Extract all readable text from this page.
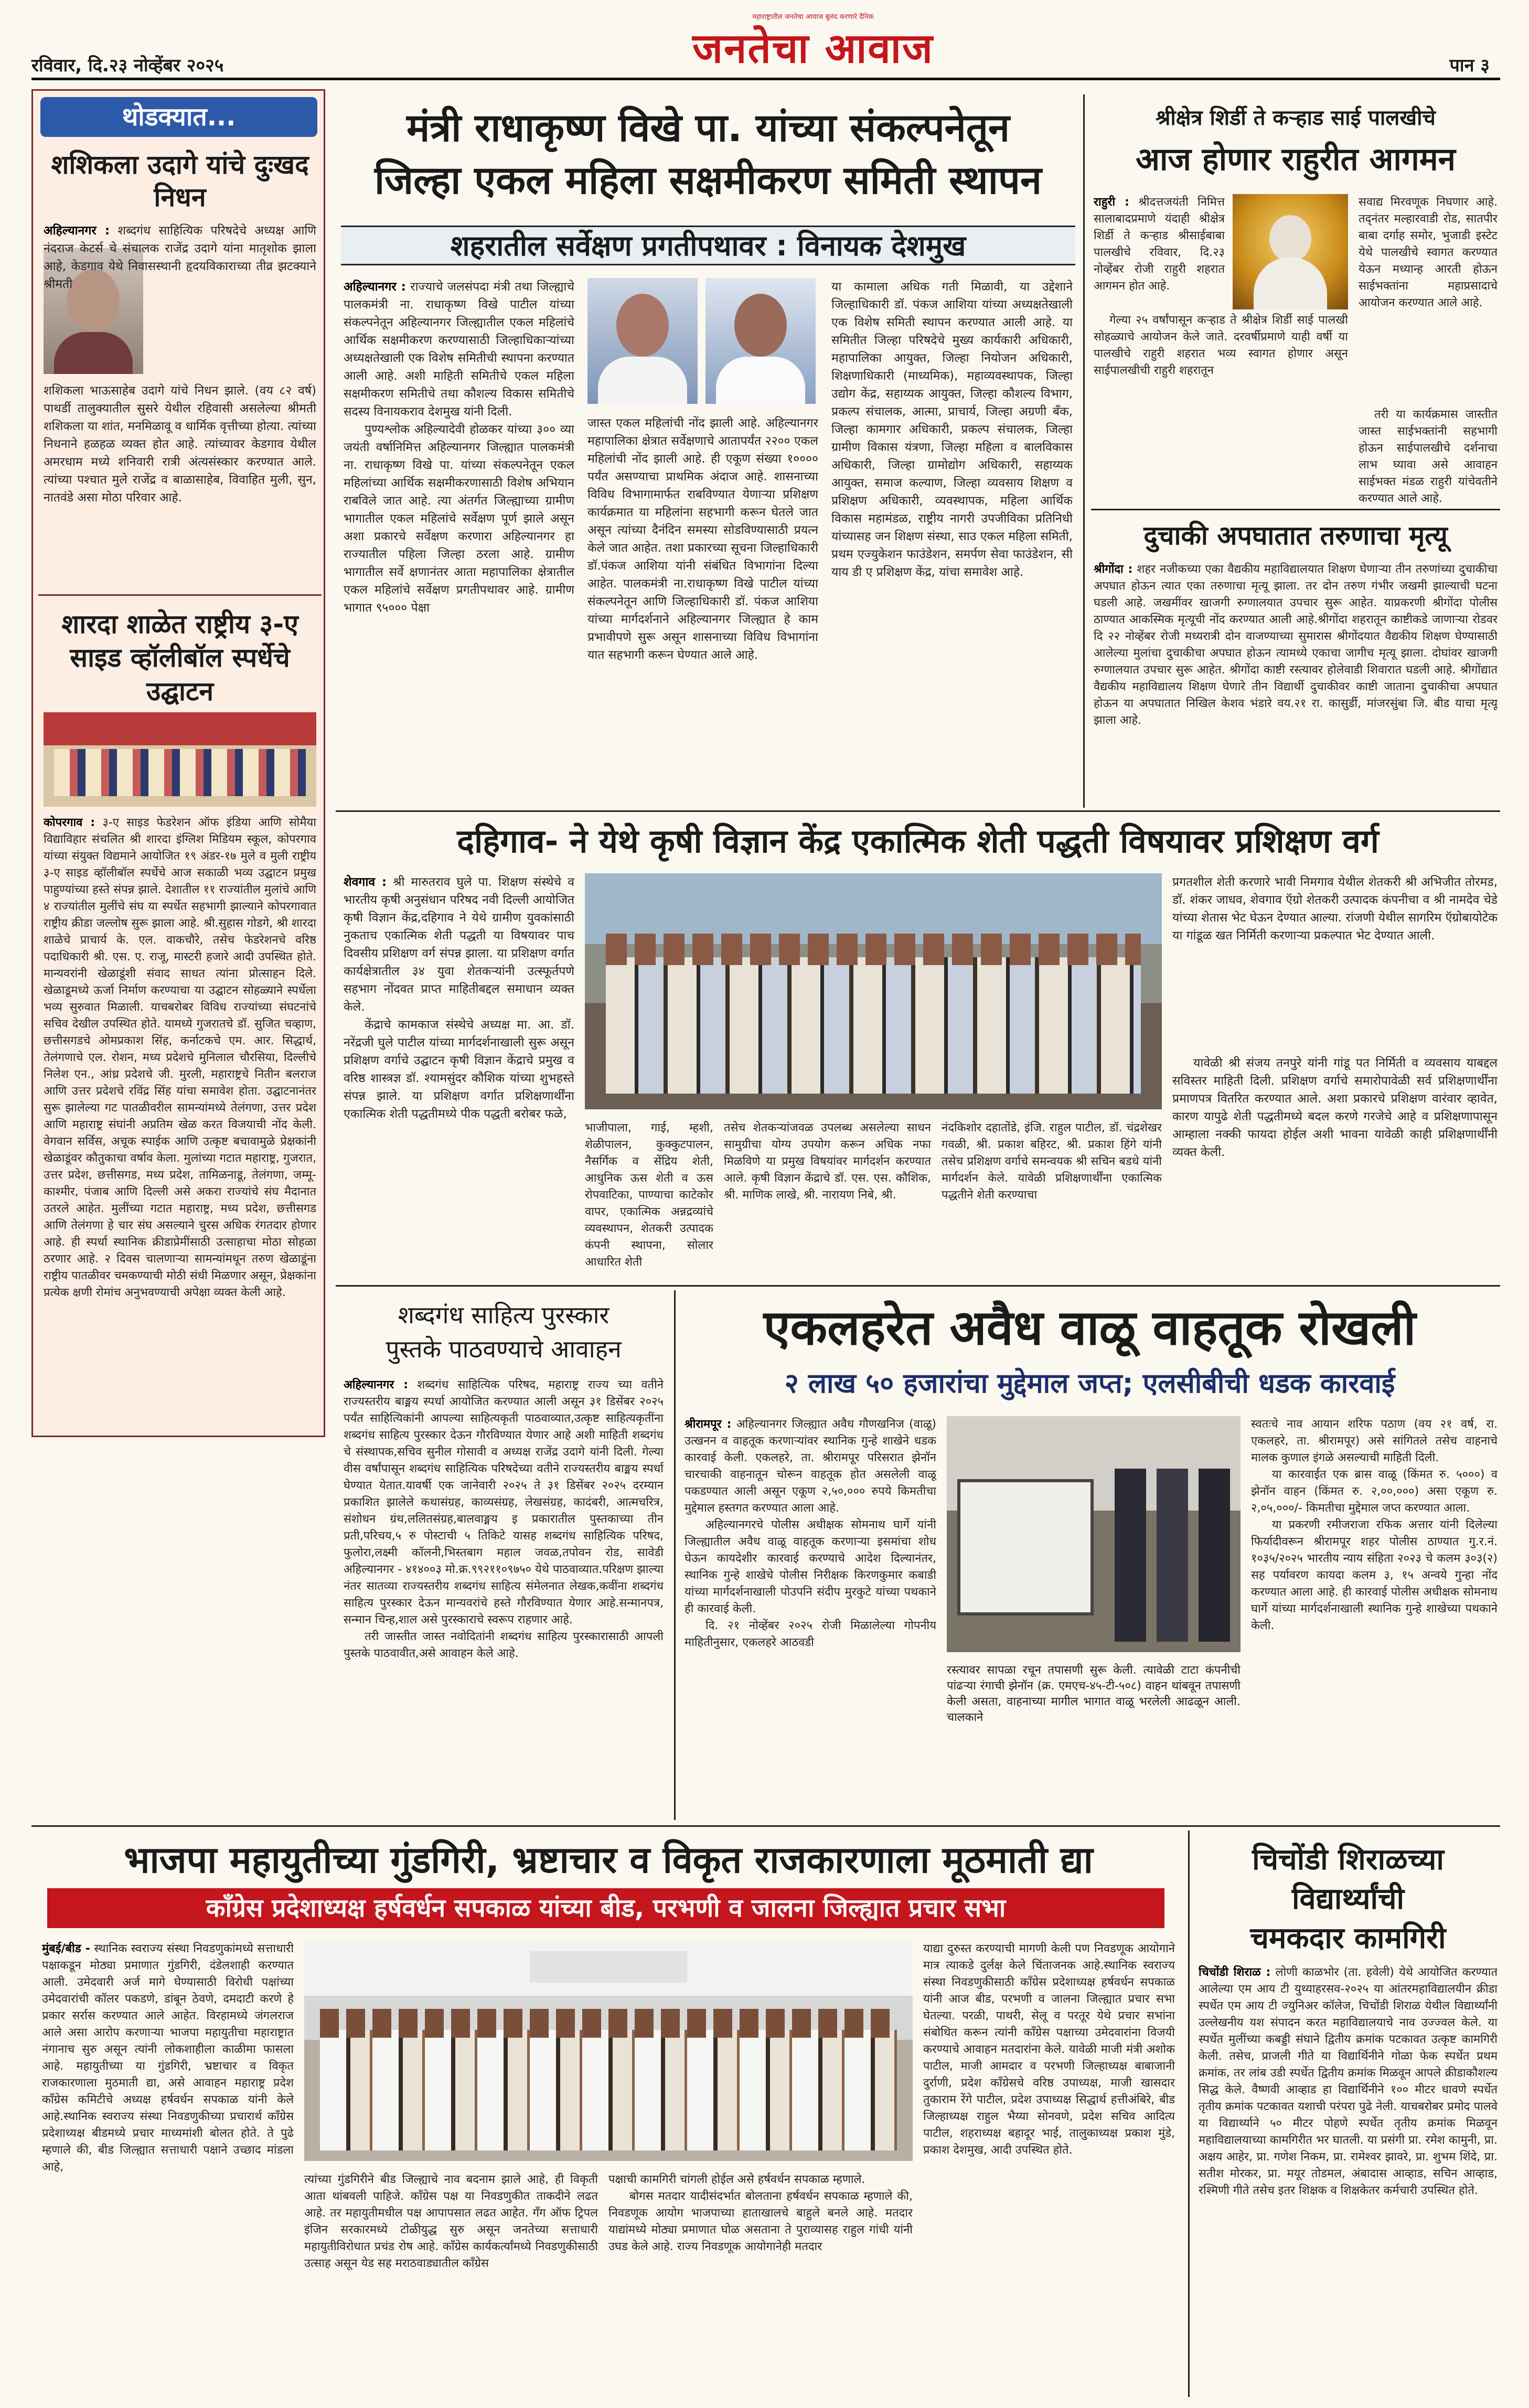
रविवार, दि.२३ नोव्हेंबर २०२५
महाराष्ट्रातील जनतेचा आवाज बुलंद करणारे दैनिक
जनतेचा आवाज	पान ३
थोडक्यात...
शशिकला उदागे यांचे दुःखद निधन
अहिल्यानगर : शब्दगंध साहित्यिक परिषदेचे अध्यक्ष आणि नंदराज केटर्स चे संचालक राजेंद्र उदागे यांना मातृशोक झाला आहे, केडगाव येथे निवासस्थानी हृदयविकाराच्या तीव्र झटक्याने श्रीमती
शशिकला भाऊसाहेब उदागे यांचे निधन झाले. (वय ८२ वर्ष) पाथर्डी तालुक्यातील सुसरे येथील रहिवासी असलेल्या श्रीमती शशिकला या शांत, मनमिळावू व धार्मिक वृत्तीच्या होत्या. त्यांच्या निधनाने हळहळ व्यक्त होत आहे. त्यांच्यावर केडगाव येथील अमरधाम मध्ये शनिवारी रात्री अंत्यसंस्कार करण्यात आले. त्यांच्या पश्चात मुले राजेंद्र व बाळासाहेब, विवाहित मुली, सुन, नातवंडे असा मोठा परिवार आहे.
शारदा शाळेत राष्ट्रीय ३-ए साइड व्हॉलीबॉल स्पर्धेचे उद्घाटन
कोपरगाव : ३-ए साइड फेडरेशन ऑफ इंडिया आणि सोमैया विद्याविहार संचलित श्री शारदा इंग्लिश मिडियम स्कूल, कोपरगाव यांच्या संयुक्त विद्यमाने आयोजित १९ अंडर-१७ मुले व मुली राष्ट्रीय ३-ए साइड व्हॉलीबॉल स्पर्धेचे आज सकाळी भव्य उद्घाटन प्रमुख पाहुण्यांच्या हस्ते संपन्न झाले. देशातील ११ राज्यांतील मुलांचे आणि ४ राज्यांतील मुलींचे संघ या स्पर्धेत सहभागी झाल्याने कोपरगावात राष्ट्रीय क्रीडा जल्लोष सुरू झाला आहे. श्री.सुहास गोडगे, श्री शारदा शाळेचे प्राचार्य के. एल. वाकचौरे, तसेच फेडरेशनचे वरिष्ठ पदाधिकारी श्री. एस. ए. राजू, मास्टरी हजारे आदी उपस्थित होते. मान्यवरांनी खेळाडूंशी संवाद साधत त्यांना प्रोत्साहन दिले. खेळाडूमध्ये ऊर्जा निर्माण करण्याचा या उद्घाटन सोहळ्याने स्पर्धेला भव्य सुरुवात मिळाली. याचबरोबर विविध राज्यांच्या संघटनांचे सचिव देखील उपस्थित होते. यामध्ये गुजरातचे डॉ. सुजित चव्हाण, छत्तीसगडचे ओमप्रकाश सिंह, कर्नाटकचे एम. आर. सिद्धार्थ, तेलंगणाचे एल. रोशन, मध्य प्रदेशचे मुनिलाल चौरसिया, दिल्लीचे निलेश एन., आंध्र प्रदेशचे जी. मुरली, महाराष्ट्रचे नितीन बलराज आणि उत्तर प्रदेशचे रविंद्र सिंह यांचा समावेश होता. उद्घाटनानंतर सुरू झालेल्या गट पातळीवरील सामन्यांमध्ये तेलंगणा, उत्तर प्रदेश आणि महाराष्ट्र संघांनी अप्रतिम खेळ करत विजयाची नोंद केली. वेगवान सर्विस, अचूक स्पाईक आणि उत्कृष्ट बचावामुळे प्रेक्षकांनी खेळाडूंवर कौतुकाचा वर्षाव केला. मुलांच्या गटात महाराष्ट्र, गुजरात, उत्तर प्रदेश, छत्तीसगड, मध्य प्रदेश, तामिळनाडू, तेलंगणा, जम्मू-काश्मीर, पंजाब आणि दिल्ली असे अकरा राज्यांचे संघ मैदानात उतरले आहेत. मुलींच्या गटात महाराष्ट्र, मध्य प्रदेश, छत्तीसगड आणि तेलंगणा हे चार संघ असल्याने चुरस अधिक रंगतदार होणार आहे. ही स्पर्धा स्थानिक क्रीडाप्रेमींसाठी उत्साहाचा मोठा सोहळा ठरणार आहे. २ दिवस चालणाऱ्या सामन्यांमधून तरुण खेळाडूंना राष्ट्रीय पातळीवर चमकण्याची मोठी संधी मिळणार असून, प्रेक्षकांना प्रत्येक क्षणी रोमांच अनुभवण्याची अपेक्षा व्यक्त केली आहे.
मंत्री राधाकृष्ण विखे पा. यांच्या संकल्पनेतून
जिल्हा एकल महिला सक्षमीकरण समिती स्थापन
शहरातील सर्वेक्षण प्रगतीपथावर : विनायक देशमुख
अहिल्यानगर : राज्याचे जलसंपदा मंत्री तथा जिल्ह्याचे पालकमंत्री ना. राधाकृष्ण विखे पाटील यांच्या संकल्पनेतून अहिल्यानगर जिल्ह्यातील एकल महिलांचे आर्थिक सक्षमीकरण करण्यासाठी जिल्हाधिकाऱ्यांच्या अध्यक्षतेखाली एक विशेष समितीची स्थापना करण्यात आली आहे. अशी माहिती समितीचे एकल महिला सक्षमीकरण समितीचे तथा कौशल्य विकास समितीचे सदस्य विनायकराव देशमुख यांनी दिली.

पुण्यश्लोक अहिल्यादेवी होळकर यांच्या ३०० व्या जयंती वर्षानिमित्त अहिल्यानगर जिल्ह्यात पालकमंत्री ना. राधाकृष्ण विखे पा. यांच्या संकल्पनेतून एकल महिलांच्या आर्थिक सक्षमीकरणासाठी विशेष अभियान राबविले जात आहे. त्या अंतर्गत जिल्ह्याच्या ग्रामीण भागातील एकल महिलांचे सर्वेक्षण पूर्ण झाले असून अशा प्रकारचे सर्वेक्षण करणारा अहिल्यानगर हा राज्यातील पहिला जिल्हा ठरला आहे. ग्रामीण भागातील सर्वे क्षणानंतर आता महापालिका क्षेत्रातील एकल महिलांचे सर्वेक्षण प्रगतीपथावर आहे. ग्रामीण भागात ९५००० पेक्षा
जास्त एकल महिलांची नोंद झाली आहे. अहिल्यानगर महापालिका क्षेत्रात सर्वेक्षणाचे आतापर्यंत २२०० एकल महिलांची नोंद झाली आहे. ही एकूण संख्या १०००० पर्यंत असण्याचा प्राथमिक अंदाज आहे. शासनाच्या विविध विभागामार्फत राबविण्यात येणाऱ्या प्रशिक्षण कार्यक्रमात या महिलांना सहभागी करून घेतले जात असून त्यांच्या दैनंदिन समस्या सोडविण्यासाठी प्रयत्न केले जात आहेत. तशा प्रकारच्या सूचना जिल्हाधिकारी डॉ.पंकज आशिया यांनी संबंधित विभागांना दिल्या आहेत. पालकमंत्री ना.राधाकृष्ण विखे पाटील यांच्या संकल्पनेतून आणि जिल्हाधिकारी डॉ. पंकज आशिया यांच्या मार्गदर्शनाने अहिल्यानगर जिल्ह्यात हे काम प्रभावीपणे सुरू असून शासनाच्या विविध विभागांना यात सहभागी करून घेण्यात आले आहे.
या कामाला अधिक गती मिळावी, या उद्देशाने जिल्हाधिकारी डॉ. पंकज आशिया यांच्या अध्यक्षतेखाली एक विशेष समिती स्थापन करण्यात आली आहे. या समितीत जिल्हा परिषदेचे मुख्य कार्यकारी अधिकारी, महापालिका आयुक्त, जिल्हा नियोजन अधिकारी, शिक्षणाधिकारी (माध्यमिक), महाव्यवस्थापक, जिल्हा उद्योग केंद्र, सहाय्यक आयुक्त, जिल्हा कौशल्य विभाग, प्रकल्प संचालक, आत्मा, प्राचार्य, जिल्हा अग्रणी बँक, जिल्हा कामगार अधिकारी, प्रकल्प संचालक, जिल्हा ग्रामीण विकास यंत्रणा, जिल्हा महिला व बालविकास अधिकारी, जिल्हा ग्रामोद्योग अधिकारी, सहाय्यक आयुक्त, समाज कल्याण, जिल्हा व्यवसाय शिक्षण व प्रशिक्षण अधिकारी, व्यवस्थापक, महिला आर्थिक विकास महामंडळ, राष्ट्रीय नागरी उपजीविका प्रतिनिधी यांच्यासह जन शिक्षण संस्था, साउ एकल महिला समिती, प्रथम एज्युकेशन फाउंडेशन, समर्पण सेवा फाउंडेशन, सी याय डी ए प्रशिक्षण केंद्र, यांचा समावेश आहे.
श्रीक्षेत्र शिर्डी ते कऱ्हाड साई पालखीचे
आज होणार राहुरीत आगमन
राहुरी : श्रीदत्तजयंती निमित्त सालाबादप्रमाणे यंदाही श्रीक्षेत्र शिर्डी ते कऱ्हाड श्रीसाईबाबा पालखीचे रविवार, दि.२३ नोव्हेंबर रोजी राहुरी शहरात आगमन होत आहे.
गेल्या २५ वर्षांपासून कऱ्हाड ते श्रीक्षेत्र शिर्डी साई पालखी सोहळ्याचे आयोजन केले जाते. दरवर्षीप्रमाणे याही वर्षी या पालखीचे राहुरी शहरात भव्य स्वागत होणार असून साईपालखीची राहुरी शहरातून
सवाद्य मिरवणूक निघणार आहे. तद्नंतर मल्हारवाडी रोड, सातपीर बाबा दर्गाह समोर, भुजाडी इस्टेट येथे पालखीचे स्वागत करण्यात येऊन मध्यान्ह आरती होऊन साईभक्तांना महाप्रसादाचे आयोजन करण्यात आले आहे.
तरी या कार्यक्रमास जास्तीत जास्त साईभक्तांनी सहभागी होऊन साईपालखीचे दर्शनाचा लाभ घ्यावा असे आवाहन साईभक्त मंडळ राहुरी यांचेवतीने करण्यात आले आहे.
दुचाकी अपघातात तरुणाचा मृत्यू
श्रीगोंदा : शहर नजीकच्या एका वैद्यकीय महाविद्यालयात शिक्षण घेणाऱ्या तीन तरुणांच्या दुचाकीचा अपघात होऊन त्यात एका तरुणाचा मृत्यू झाला. तर दोन तरुण गंभीर जखमी झाल्याची घटना घडली आहे. जखमींवर खाजगी रुग्णालयात उपचार सुरू आहेत. याप्रकरणी श्रीगोंदा पोलीस ठाण्यात आकस्मिक मृत्यूची नोंद करण्यात आली आहे.श्रीगोंदा शहरातून काष्टीकडे जाणाऱ्या रोडवर दि २२ नोव्हेंबर रोजी मध्यरात्री दोन वाजण्याच्या सुमारास श्रीगोंदयात वैद्यकीय शिक्षण घेण्यासाठी आलेल्या मुलांचा दुचाकीचा अपघात होऊन त्यामध्ये एकाचा जागीच मृत्यू झाला. दोघांवर खाजगी रुग्णालयात उपचार सुरू आहेत. श्रीगोंदा काष्टी रस्त्यावर होलेवाडी शिवारात घडली आहे. श्रीगोंद्यात वैद्यकीय महाविद्यालय शिक्षण घेणारे तीन विद्यार्थी दुचाकीवर काष्टी जाताना दुचाकीचा अपघात होऊन या अपघातात निखिल केशव भंडारे वय.२१ रा. कासुर्डी, मांजरसुंबा जि. बीड याचा मृत्यू झाला आहे.
दहिगाव- ने येथे कृषी विज्ञान केंद्र एकात्मिक शेती पद्धती विषयावर प्रशिक्षण वर्ग
शेवगाव : श्री मारुतराव घुले पा. शिक्षण संस्थेचे व भारतीय कृषी अनुसंधान परिषद नवी दिल्ली आयोजित कृषी विज्ञान केंद्र,दहिगाव ने येथे ग्रामीण युवकांसाठी नुकताच एकात्मिक शेती पद्धती या विषयावर पाच दिवसीय प्रशिक्षण वर्ग संपन्न झाला. या प्रशिक्षण वर्गात कार्यक्षेत्रातील ३४ युवा शेतकऱ्यांनी उत्स्फूर्तपणे सहभाग नोंदवत प्राप्त माहितीबद्दल समाधान व्यक्त केले.
केंद्राचे कामकाज संस्थेचे अध्यक्ष मा. आ. डॉ. नरेंद्रजी घुले पाटील यांच्या मार्गदर्शनाखाली सुरू असून प्रशिक्षण वर्गाचे उद्घाटन कृषी विज्ञान केंद्राचे प्रमुख व वरिष्ठ शास्त्रज्ञ डॉ. श्यामसुंदर कौशिक यांच्या शुभहस्ते संपन्न झाले. या प्रशिक्षण वर्गात प्रशिक्षणार्थींना एकात्मिक शेती पद्धतीमध्ये पीक पद्धती बरोबर फळे,
भाजीपाला, गाई, म्हशी, शेळीपालन, कुक्कुटपालन, नैसर्गिक व सेंद्रिय शेती, आधुनिक ऊस शेती व ऊस रोपवाटिका, पाण्याचा काटेकोर वापर, एकात्मिक अन्नद्रव्यांचे व्यवस्थापन, शेतकरी उत्पादक कंपनी स्थापना, सोलार आधारित शेती
तसेच शेतकऱ्यांजवळ उपलब्ध असलेल्या साधन सामुग्रीचा योग्य उपयोग करून अधिक नफा मिळविणे या प्रमुख विषयांवर मार्गदर्शन करण्यात आले. कृषी विज्ञान केंद्राचे डॉ. एस. एस. कौशिक, श्री. माणिक लाखे, श्री. नारायण निबे, श्री.
नंदकिशोर दहातोंडे, इंजि. राहुल पाटील, डॉ. चंद्रशेखर गवळी, श्री. प्रकाश बहिरट, श्री. प्रकाश हिंगे यांनी तसेच प्रशिक्षण वर्गाचे समन्वयक श्री सचिन बडधे यांनी मार्गदर्शन केले. यावेळी प्रशिक्षणार्थींना एकात्मिक पद्धतीने शेती करण्याचा
प्रगतशील शेती करणारे भावी निमगाव येथील शेतकरी श्री अभिजीत तोरमड, डॉ. शंकर जाधव, शेवगाव ऍग्रो शेतकरी उत्पादक कंपनीचा व श्री नामदेव चेडे यांच्या शेतास भेट घेऊन देण्यात आल्या. रांजणी येथील सागरिम ऍग्रोबायोटेक या गांडूळ खत निर्मिती करणाऱ्या प्रकल्पात भेट देण्यात आली.
यावेळी श्री संजय तनपुरे यांनी गांडू पत निर्मिती व व्यवसाय याबद्दल सविस्तर माहिती दिली. प्रशिक्षण वर्गाचे समारोपावेळी सर्व प्रशिक्षणार्थींना प्रमाणपत्र वितरित करण्यात आले. अशा प्रकारचे प्रशिक्षण वारंवार व्हावेत, कारण यापुढे शेती पद्धतीमध्ये बदल करणे गरजेचे आहे व प्रशिक्षणापासून आम्हाला नक्की फायदा होईल अशी भावना यावेळी काही प्रशिक्षणार्थींनी व्यक्त केली.
शब्दगंध साहित्य पुरस्कार
पुस्तके पाठवण्याचे आवाहन
अहिल्यानगर : शब्दगंध साहित्यिक परिषद, महाराष्ट्र राज्य च्या वतीने राज्यस्तरीय बाङ्मय स्पर्धा आयोजित करण्यात आली असून ३१ डिसेंबर २०२५ पर्यंत साहित्यिकांनी आपल्या साहित्यकृती पाठवाव्यात,उत्कृष्ट साहित्यकृतींना शब्दगंध साहित्य पुरस्कार देऊन गौरविण्यात येणार आहे अशी माहिती शब्दगंध चे संस्थापक,सचिव सुनील गोसावी व अध्यक्ष राजेंद्र उदागे यांनी दिली. गेल्या वीस वर्षांपासून शब्दगंध साहित्यिक परिषदेच्या वतीने राज्यस्तरीय बाङ्मय स्पर्धा घेण्यात येतात.यावर्षी एक जानेवारी २०२५ ते ३१ डिसेंबर २०२५ दरम्यान प्रकाशित झालेले कथासंग्रह, काव्यसंग्रह, लेखसंग्रह, कादंबरी, आत्मचरित्र, संशोधन ग्रंथ,ललितसंग्रह,बालवाङ्मय इ प्रकारातील पुस्तकाच्या तीन प्रती,परिचय,५ रु पोस्टाची ५ तिकिटे यासह शब्दगंध साहित्यिक परिषद, फुलोरा,लक्ष्मी कॉलनी,भिस्तबाग महाल जवळ,तपोवन रोड, सावेडी अहिल्यानगर - ४१४००३ मो.क्र.९९२११०९७५० येथे पाठवाव्यात.परिक्षण झाल्या नंतर सातव्या राज्यस्तरीय शब्दगंध साहित्य संमेलनात लेखक,कवींना शब्दगंध साहित्य पुरस्कार देऊन मान्यवरांचे हस्ते गौरविण्यात येणार आहे.सन्मानपत्र, सन्मान चिन्ह,शाल असे पुरस्काराचे स्वरूप राहणार आहे.
तरी जास्तीत जास्त नवोदितांनी शब्दगंध साहित्य पुरस्कारासाठी आपली पुस्तके पाठवावीत,असे आवाहन केले आहे.
एकलहरेत अवैध वाळू वाहतूक रोखली
२ लाख ५० हजारांचा मुद्देमाल जप्त; एलसीबीची धडक कारवाई
श्रीरामपूर : अहिल्यानगर जिल्ह्यात अवैध गौणखनिज (वाळू) उत्खनन व वाहतूक करणाऱ्यांवर स्थानिक गुन्हे शाखेने धडक कारवाई केली. एकलहरे, ता. श्रीरामपूर परिसरात झेनॉन चारचाकी वाहनातून चोरून वाहतूक होत असलेली वाळू पकडण्यात आली असून एकूण २,५०,००० रुपये किमतीचा मुद्देमाल हस्तगत करण्यात आला आहे.
अहिल्यानगरचे पोलीस अधीक्षक सोमनाथ घार्गे यांनी जिल्ह्यातील अवैध वाळू वाहतूक करणाऱ्या इसमांचा शोध घेऊन कायदेशीर कारवाई करण्याचे आदेश दिल्यानंतर, स्थानिक गुन्हे शाखेचे पोलीस निरीक्षक किरणकुमार कबाडी यांच्या मार्गदर्शनाखाली पोउपनि संदीप मुरकुटे यांच्या पथकाने ही कारवाई केली.
दि. २१ नोव्हेंबर २०२५ रोजी मिळालेल्या गोपनीय माहितीनुसार, एकलहरे आठवडी
रस्त्यावर सापळा रचून तपासणी सुरू केली. त्यावेळी टाटा कंपनीची पांढऱ्या रंगाची झेनॉन (क्र. एमएच-४५-टी-५०८) वाहन थांबवून तपासणी केली असता, वाहनाच्या मागील भागात वाळू भरलेली आढळून आली. चालकाने
स्वतःचे नाव आयान शरिफ पठाण (वय २१ वर्ष, रा. एकलहरे, ता. श्रीरामपूर) असे सांगितले तसेच वाहनाचे मालक कुणाल इंगळे असल्याची माहिती दिली.
या कारवाईत एक ब्रास वाळू (किंमत रु. ५०००) व झेनॉन वाहन (किंमत रु. २,००,०००) असा एकूण रु. २,०५,०००/- किमतीचा मुद्देमाल जप्त करण्यात आला.
या प्रकरणी रमीजराजा रफिक अत्तार यांनी दिलेल्या फिर्यादीवरून श्रीरामपूर शहर पोलीस ठाण्यात गु.र.नं. १०३५/२०२५ भारतीय न्याय संहिता २०२३ चे कलम ३०३(२) सह पर्यावरण कायदा कलम ३, १५ अन्वये गुन्हा नोंद करण्यात आला आहे. ही कारवाई पोलीस अधीक्षक सोमनाथ घार्गे यांच्या मार्गदर्शनाखाली स्थानिक गुन्हे शाखेच्या पथकाने केली.
भाजपा महायुतीच्या गुंडगिरी, भ्रष्टाचार व विकृत राजकारणाला मूठमाती द्या
काँग्रेस प्रदेशाध्यक्ष हर्षवर्धन सपकाळ यांच्या बीड, परभणी व जालना जिल्ह्यात प्रचार सभा
मुंबई/बीड - स्थानिक स्वराज्य संस्था निवडणुकांमध्ये सत्ताधारी पक्षाकडून मोठ्या प्रमाणात गुंडगिरी, दंडेलशाही करण्यात आली. उमेदवारी अर्ज मागे घेण्यासाठी विरोधी पक्षांच्या उमेदवारांची कॉलर पकडणे, डांबून ठेवणे, दमदाटी करणे हे प्रकार सर्रास करण्यात आले आहेत. विरहामध्ये जंगलराज आले असा आरोप करणाऱ्या भाजपा महायुतीचा महाराष्ट्रात नंगानाच सुरु असून त्यांनी लोकशाहीला काळीमा फासला आहे. महायुतीच्या या गुंडगिरी, भ्रष्टाचार व विकृत राजकारणाला मुठमाती द्या, असे आवाहन महाराष्ट्र प्रदेश काँग्रेस कमिटीचे अध्यक्ष हर्षवर्धन सपकाळ यांनी केले आहे.स्थानिक स्वराज्य संस्था निवडणुकीच्या प्रचारार्थ काँग्रेस प्रदेशाध्यक्ष बीडमध्ये प्रचार माध्यमांशी बोलत होते. ते पुढे म्हणाले की, बीड जिल्ह्यात सत्ताधारी पक्षाने उच्छाद मांडला आहे,
त्यांच्या गुंडगिरीने बीड जिल्ह्याचे नाव बदनाम झाले आहे, ही विकृती आता थांबवली पाहिजे. काँग्रेस पक्ष या निवडणुकीत ताकदीने लढत आहे. तर महायुतीमधील पक्ष आपापसात लढत आहेत. गँग ऑफ ट्रिपल इंजिन सरकारमध्ये टोळीयुद्ध सुरु असून जनतेच्या सत्ताधारी महायुतीविरोधात प्रचंड रोष आहे. काँग्रेस कार्यकर्त्यांमध्ये निवडणुकीसाठी उत्साह असून येड सह मराठवाड्यातील काँग्रेस
पक्षाची कामगिरी चांगली होईल असे हर्षवर्धन सपकाळ म्हणाले.
बोगस मतदार यादीसंदर्भात बोलताना हर्षवर्धन सपकाळ म्हणाले की, निवडणूक आयोग भाजपाच्या हाताखालचे बाहुले बनले आहे. मतदार याद्यांमध्ये मोठ्या प्रमाणात घोळ असताना ते पुराव्यासह राहुल गांधी यांनी उघड केले आहे. राज्य निवडणूक आयोगानेही मतदार
याद्या दुरुस्त करण्याची मागणी केली पण निवडणूक आयोगाने मात्र त्याकडे दुर्लक्ष केले चिंताजनक आहे.स्थानिक स्वराज्य संस्था निवडणुकीसाठी काँग्रेस प्रदेशाध्यक्ष हर्षवर्धन सपकाळ यांनी आज बीड, परभणी व जालना जिल्ह्यात प्रचार सभा घेतल्या. परळी, पाथरी, सेलू व परतूर येथे प्रचार सभांना संबोधित करून त्यांनी काँग्रेस पक्षाच्या उमेदवारांना विजयी करण्याचे आवाहन मतदारांना केले. यावेळी माजी मंत्री अशोक पाटील, माजी आमदार व परभणी जिल्हाध्यक्ष बाबाजानी दुर्राणी, प्रदेश काँग्रेसचे वरिष्ठ उपाध्यक्ष, माजी खासदार तुकाराम रेंगे पाटील, प्रदेश उपाध्यक्ष सिद्धार्थ हत्तीअंबिरे, बीड जिल्हाध्यक्ष राहुल भैय्या सोनवणे, प्रदेश सचिव आदित्य पाटील, शहराध्यक्ष बहादूर भाई, तालुकाध्यक्ष प्रकाश मुंडे, प्रकाश देशमुख, आदी उपस्थित होते.
चिचोंडी शिराळच्या
विद्यार्थ्यांची
चमकदार कामगिरी
चिचोंडी शिराळ : लोणी काळभोर (ता. हवेली) येथे आयोजित करण्यात आलेल्या एम आय टी युथ्याहरसव-२०२५ या आंतरमहाविद्यालयीन क्रीडा स्पर्धेत एम आय टी ज्युनिअर कॉलेज, चिचोंडी शिराळ येथील विद्यार्थ्यांनी उल्लेखनीय यश संपादन करत महाविद्यालयाचे नाव उज्ज्वल केले. या स्पर्धेत मुलींच्या कबड्डी संघाने द्वितीय क्रमांक पटकावत उत्कृष्ट कामगिरी केली. तसेच, प्राजली गीते या विद्यार्थिनीने गोळा फेक स्पर्धेत प्रथम क्रमांक, तर लांब उडी स्पर्धेत द्वितीय क्रमांक मिळवून आपले क्रीडाकौशल्य सिद्ध केले. वैष्णवी आव्हाड हा विद्यार्थिनीने १०० मीटर धावणे स्पर्धेत तृतीय क्रमांक पटकावत यशाची परंपरा पुढे नेली. याचबरोबर प्रमोद पालवे या विद्यार्थ्याने ५० मीटर पोहणे स्पर्धेत तृतीय क्रमांक मिळवून महाविद्यालयाच्या कामगिरीत भर घातली. या प्रसंगी प्रा. रमेश कामुनी, प्रा. अक्षय आहेर, प्रा. गणेश निकम, प्रा. रामेश्वर झावरे, प्रा. शुभम शिंदे, प्रा. सतीश मोरकर, प्रा. मयूर तोडमल, अंबादास आव्हाड, सचिन आव्हाड, रश्मिणी गीते तसेच इतर शिक्षक व शिक्षकेतर कर्मचारी उपस्थित होते.
